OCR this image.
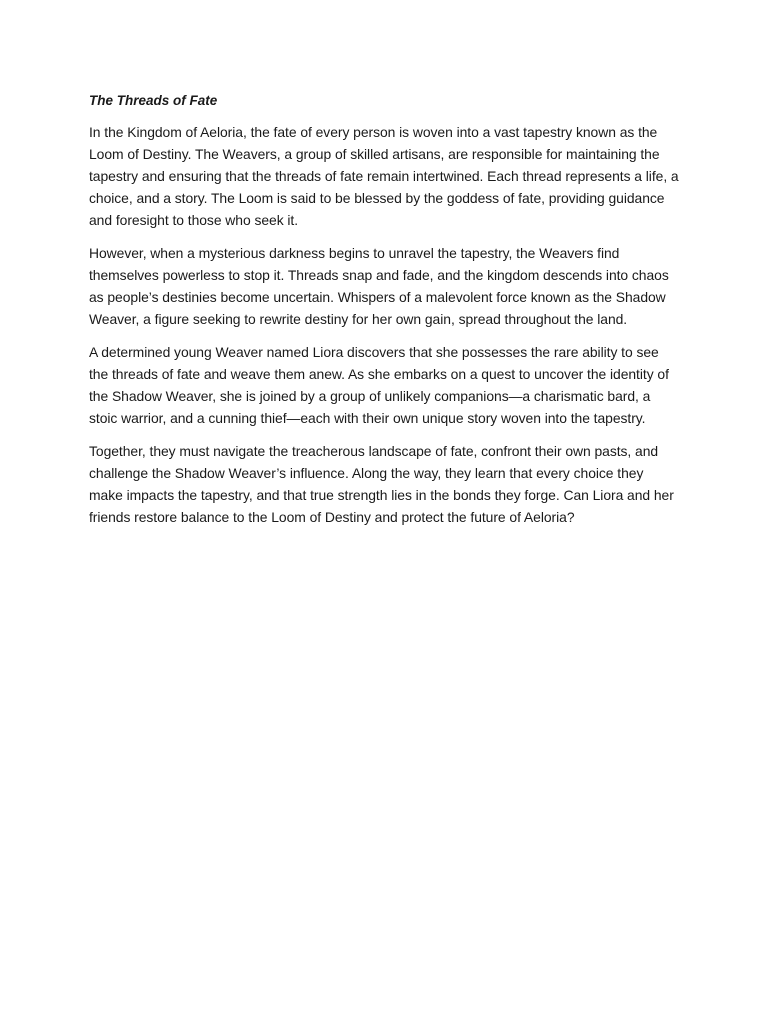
The Threads of Fate

In the Kingdom of Aeloria, the fate of every person is woven into a vast tapestry known as the Loom of Destiny. The Weavers, a group of skilled artisans, are responsible for maintaining the tapestry and ensuring that the threads of fate remain intertwined. Each thread represents a life, a choice, and a story. The Loom is said to be blessed by the goddess of fate, providing guidance and foresight to those who seek it.

However, when a mysterious darkness begins to unravel the tapestry, the Weavers find themselves powerless to stop it. Threads snap and fade, and the kingdom descends into chaos as people’s destinies become uncertain. Whispers of a malevolent force known as the Shadow Weaver, a figure seeking to rewrite destiny for her own gain, spread throughout the land.

A determined young Weaver named Liora discovers that she possesses the rare ability to see the threads of fate and weave them anew. As she embarks on a quest to uncover the identity of the Shadow Weaver, she is joined by a group of unlikely companions—a charismatic bard, a stoic warrior, and a cunning thief—each with their own unique story woven into the tapestry.

Together, they must navigate the treacherous landscape of fate, confront their own pasts, and challenge the Shadow Weaver’s influence. Along the way, they learn that every choice they make impacts the tapestry, and that true strength lies in the bonds they forge. Can Liora and her friends restore balance to the Loom of Destiny and protect the future of Aeloria?
